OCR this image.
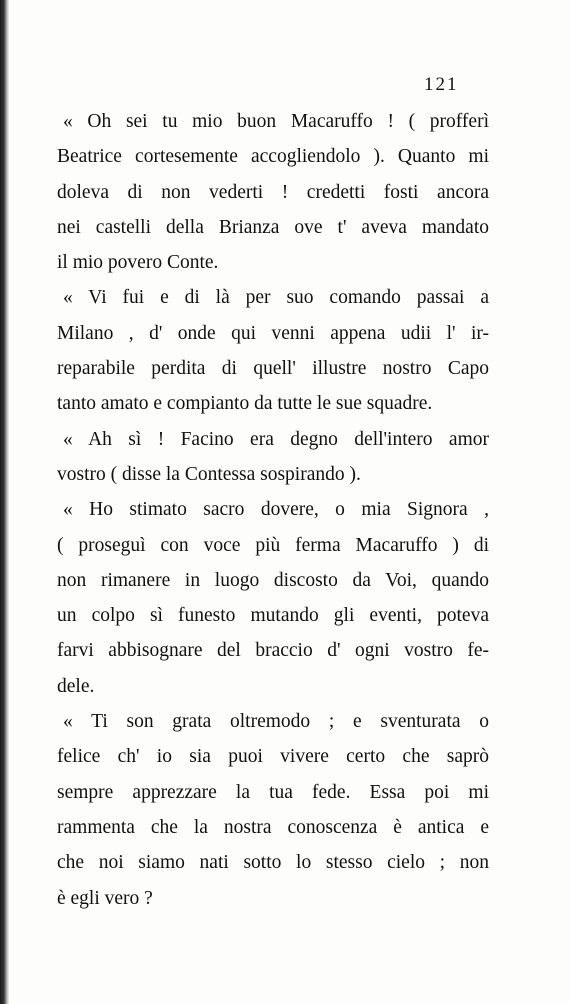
121
« Oh sei tu mio buon Macaruffo ! ( profferì
Beatrice cortesemente accogliendolo ). Quanto mi
doleva di non vederti ! credetti fosti ancora
nei castelli della Brianza ove t' aveva mandato
il mio povero Conte.
« Vi fui e di là per suo comando passai a
Milano , d' onde qui venni appena udii l' ir-
reparabile perdita di quell' illustre nostro Capo
tanto amato e compianto da tutte le sue squadre.
« Ah sì ! Facino era degno dell'intero amor
vostro ( disse la Contessa sospirando ).
« Ho stimato sacro dovere, o mia Signora ,
( proseguì con voce più ferma Macaruffo ) di
non rimanere in luogo discosto da Voi, quando
un colpo sì funesto mutando gli eventi, poteva
farvi abbisognare del braccio d' ogni vostro fe-
dele.
« Ti son grata oltremodo ; e sventurata o
felice ch' io sia puoi vivere certo che saprò
sempre apprezzare la tua fede. Essa poi mi
rammenta che la nostra conoscenza è antica e
che noi siamo nati sotto lo stesso cielo ; non
è egli vero ?
